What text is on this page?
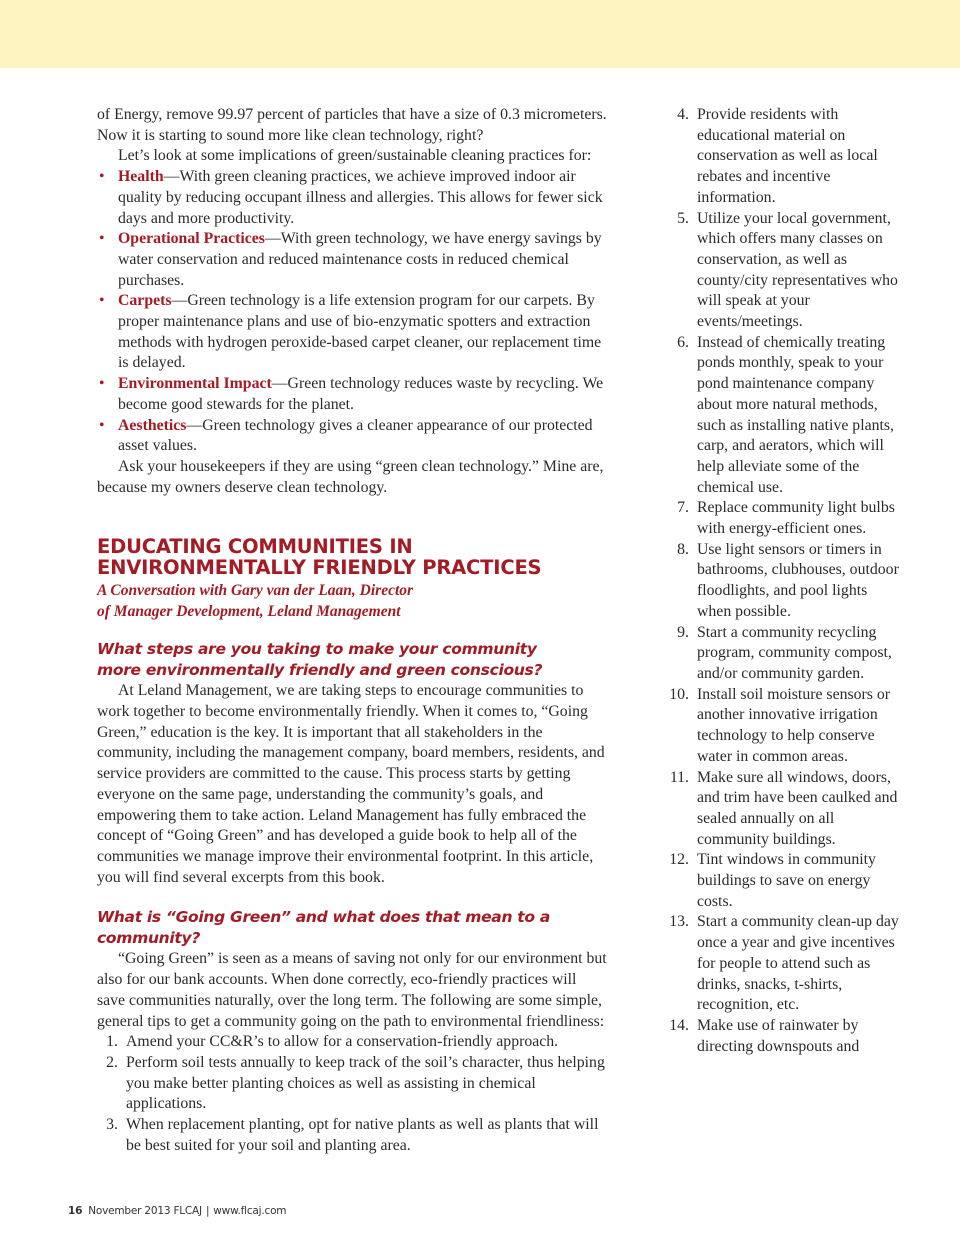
of Energy, remove 99.97 percent of particles that have a size of 0.3 micrometers. Now it is starting to sound more like clean technology, right?

Let’s look at some implications of green/sustainable cleaning practices for:

• Health—With green cleaning practices, we achieve improved indoor air quality by reducing occupant illness and allergies. This allows for fewer sick days and more productivity.
• Operational Practices—With green technology, we have energy savings by water conservation and reduced maintenance costs in reduced chemical purchases.
• Carpets—Green technology is a life extension program for our carpets. By proper maintenance plans and use of bio-enzymatic spotters and extraction methods with hydrogen peroxide-based carpet cleaner, our replacement time is delayed.
• Environmental Impact—Green technology reduces waste by recycling. We become good stewards for the planet.
• Aesthetics—Green technology gives a cleaner appearance of our protected asset values.

Ask your housekeepers if they are using “green clean technology.” Mine are, because my owners deserve clean technology.

EDUCATING COMMUNITIES IN
ENVIRONMENTALLY FRIENDLY PRACTICES
A Conversation with Gary van der Laan, Director
of Manager Development, Leland Management
What steps are you taking to make your community
more environmentally friendly and green conscious?

At Leland Management, we are taking steps to encourage communities to work together to become environmentally friendly. When it comes to, “Going Green,” education is the key. It is important that all stakeholders in the community, including the management company, board members, residents, and service providers are committed to the cause. This process starts by getting everyone on the same page, understanding the community’s goals, and empowering them to take action. Leland Management has fully embraced the concept of “Going Green” and has developed a guide book to help all of the communities we manage improve their environmental footprint. In this article, you will find several excerpts from this book.

What is “Going Green” and what does that mean to a community?

“Going Green” is seen as a means of saving not only for our environment but also for our bank accounts. When done correctly, eco-friendly practices will save communities naturally, over the long term. The following are some simple, general tips to get a community going on the path to environmental friendliness:

1. Amend your CC&R’s to allow for a conservation-friendly approach.
2. Perform soil tests annually to keep track of the soil’s character, thus helping you make better planting choices as well as assisting in chemical applications.
3. When replacement planting, opt for native plants as well as plants that will be best suited for your soil and planting area.
4. Provide residents with educational material on conservation as well as local rebates and incentive information.
5. Utilize your local government, which offers many classes on conservation, as well as county/city representatives who will speak at your events/meetings.
6. Instead of chemically treating ponds monthly, speak to your pond maintenance company about more natural methods, such as installing native plants, carp, and aerators, which will help alleviate some of the chemical use.
7. Replace community light bulbs with energy-efficient ones.
8. Use light sensors or timers in bathrooms, clubhouses, outdoor floodlights, and pool lights when possible.
9. Start a community recycling program, community compost, and/or community garden.
10. Install soil moisture sensors or another innovative irrigation technology to help conserve water in common areas.
11. Make sure all windows, doors, and trim have been caulked and sealed annually on all community buildings.
12. Tint windows in community buildings to save on energy costs.
13. Start a community clean-up day once a year and give incentives for people to attend such as drinks, snacks, t-shirts, recognition, etc.
14. Make use of rainwater by directing downspouts and
16 November 2013 FLCAJ | www.flcaj.com
